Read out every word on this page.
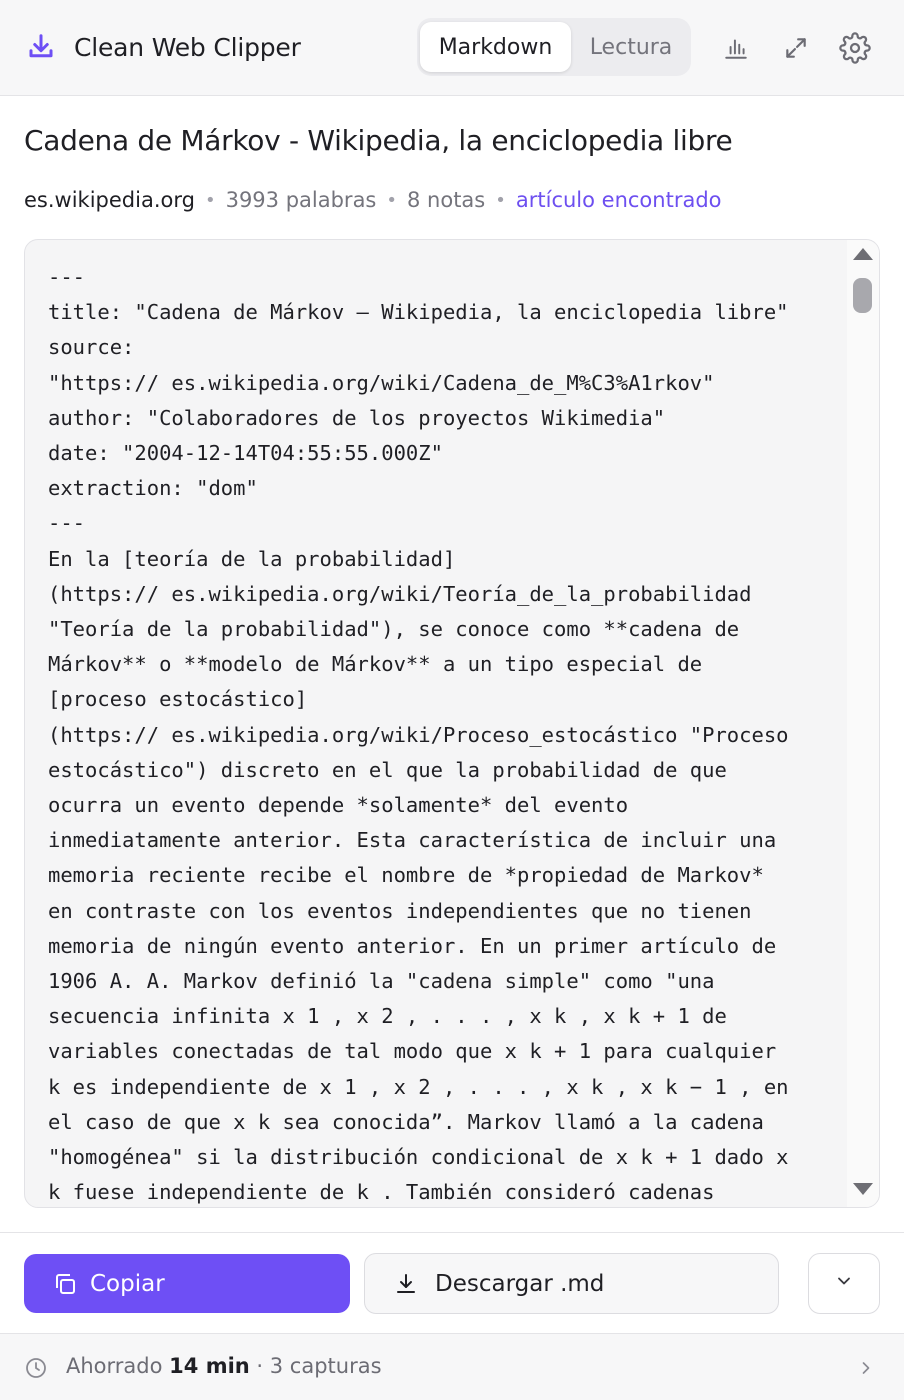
Clean Web Clipper	Markdown	Lectura
Cadena de Márkov - Wikipedia, la enciclopedia libre
es.wikipedia.org • 3993 palabras • 8 notas • artículo encontrado
---
title: "Cadena de Márkov – Wikipedia, la enciclopedia libre"
source:
"https:// es.wikipedia.org/wiki/Cadena_de_M%C3%A1rkov"
author: "Colaboradores de los proyectos Wikimedia"
date: "2004-12-14T04:55:55.000Z"
extraction: "dom"
---
En la [teoría de la probabilidad]
(https:// es.wikipedia.org/wiki/Teoría_de_la_probabilidad
"Teoría de la probabilidad"), se conoce como **cadena de
Márkov** o **modelo de Márkov** a un tipo especial de
[proceso estocástico]
(https:// es.wikipedia.org/wiki/Proceso_estocástico "Proceso
estocástico") discreto en el que la probabilidad de que
ocurra un evento depende *solamente* del evento
inmediatamente anterior. Esta característica de incluir una
memoria reciente recibe el nombre de *propiedad de Markov*
en contraste con los eventos independientes que no tienen
memoria de ningún evento anterior. En un primer artículo de
1906 A. A. Markov definió la "cadena simple" como "una
secuencia infinita x 1 , x 2 , . . . , x k , x k + 1 de
variables conectadas de tal modo que x k + 1 para cualquier
k es independiente de x 1 , x 2 , . . . , x k , x k − 1 , en
el caso de que x k sea conocida”. Markov llamó a la cadena
"homogénea" si la distribución condicional de x k + 1 dado x
k fuese independiente de k . También consideró cadenas
Copiar	Descargar .md
Ahorrado 14 min · 3 capturas
